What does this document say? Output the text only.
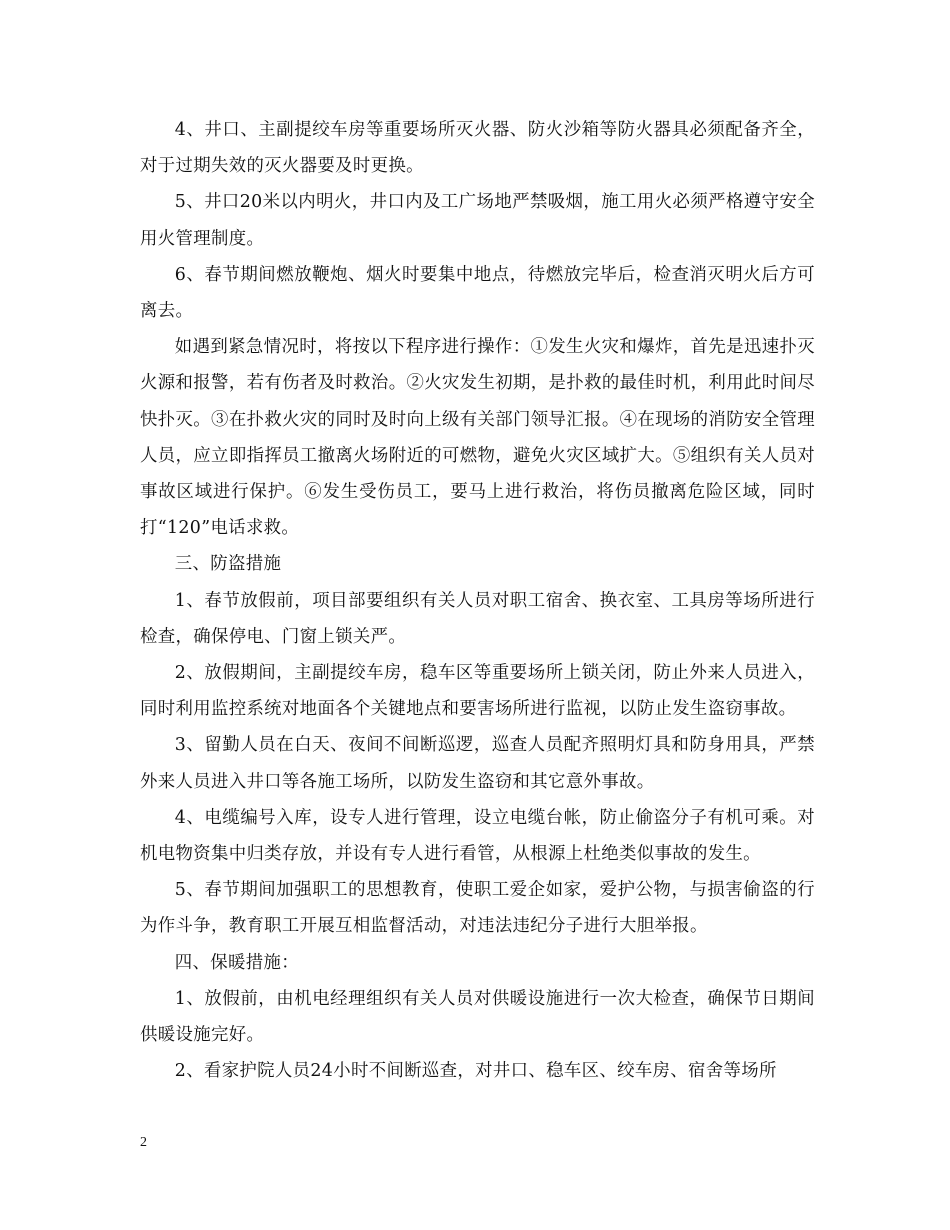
4、井口、主副提绞车房等重要场所灭火器、防火沙箱等防火器具必须配备齐全，对于过期失效的灭火器要及时更换。

5、井口20米以内明火，井口内及工广场地严禁吸烟，施工用火必须严格遵守安全用火管理制度。

6、春节期间燃放鞭炮、烟火时要集中地点，待燃放完毕后，检查消灭明火后方可离去。

如遇到紧急情况时，将按以下程序进行操作：①发生火灾和爆炸，首先是迅速扑灭火源和报警，若有伤者及时救治。②火灾发生初期，是扑救的最佳时机，利用此时间尽快扑灭。③在扑救火灾的同时及时向上级有关部门领导汇报。④在现场的消防安全管理人员，应立即指挥员工撤离火场附近的可燃物，避免火灾区域扩大。⑤组织有关人员对事故区域进行保护。⑥发生受伤员工，要马上进行救治，将伤员撤离危险区域，同时打“120”电话求救。

三、防盗措施

1、春节放假前，项目部要组织有关人员对职工宿舍、换衣室、工具房等场所进行检查，确保停电、门窗上锁关严。

2、放假期间，主副提绞车房，稳车区等重要场所上锁关闭，防止外来人员进入，同时利用监控系统对地面各个关键地点和要害场所进行监视，以防止发生盗窃事故。

3、留勤人员在白天、夜间不间断巡逻，巡查人员配齐照明灯具和防身用具，严禁外来人员进入井口等各施工场所，以防发生盗窃和其它意外事故。

4、电缆编号入库，设专人进行管理，设立电缆台帐，防止偷盗分子有机可乘。对机电物资集中归类存放，并设有专人进行看管，从根源上杜绝类似事故的发生。

5、春节期间加强职工的思想教育，使职工爱企如家，爱护公物，与损害偷盗的行为作斗争，教育职工开展互相监督活动，对违法违纪分子进行大胆举报。

四、保暖措施：

1、放假前，由机电经理组织有关人员对供暖设施进行一次大检查，确保节日期间供暖设施完好。

2、看家护院人员24小时不间断巡查，对井口、稳车区、绞车房、宿舍等场所

2
